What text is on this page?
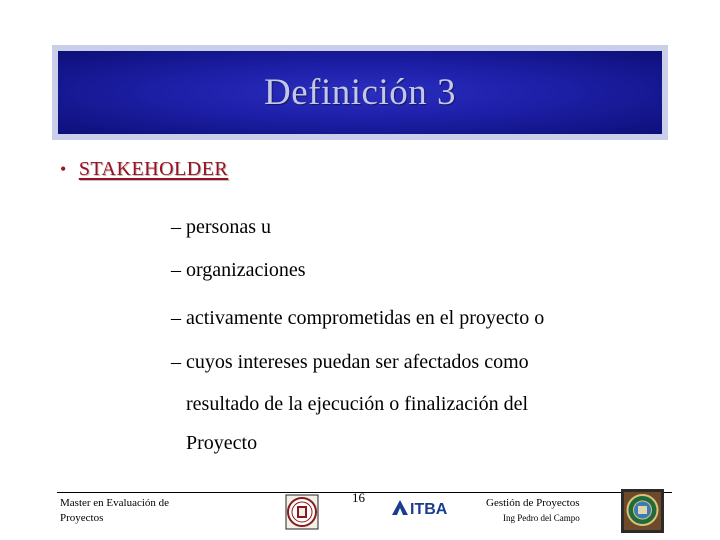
Definición 3
• STAKEHOLDER
– personas u
– organizaciones
– activamente comprometidas en el proyecto o
– cuyos intereses puedan ser afectados como
resultado de la ejecución o finalización del
Proyecto
Master en Evaluación de
Proyectos
16
ITBA	Gestión de Proyectos
Ing Pedro del Campo
